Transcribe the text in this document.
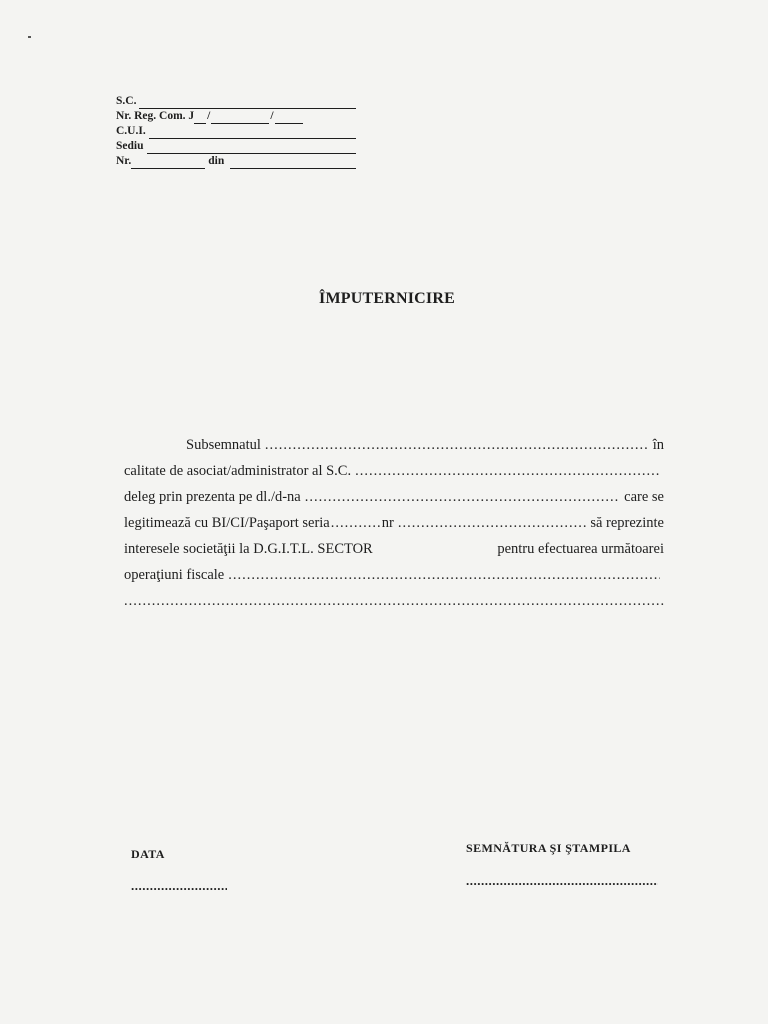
S.C.
Nr. Reg. Com. J /	/
C.U.I.
Sediu
Nr.	din
ÎMPUTERNICIRE
Subsemnatul .....	în
calitate de asociat/administrator al S.C.
.....
deleg prin prezenta pe dl./d-na .....	care se
legitimează cu BI/CI/Paşaport seria .....	nr .....	să reprezinte
interesele societăţii la D.G.I.T.L. SECTOR	pentru efectuarea următoarei
operaţiuni fiscale
.....
.....
DATA
.....	SEMNĂTURA ŞI ŞTAMPILA
.....
